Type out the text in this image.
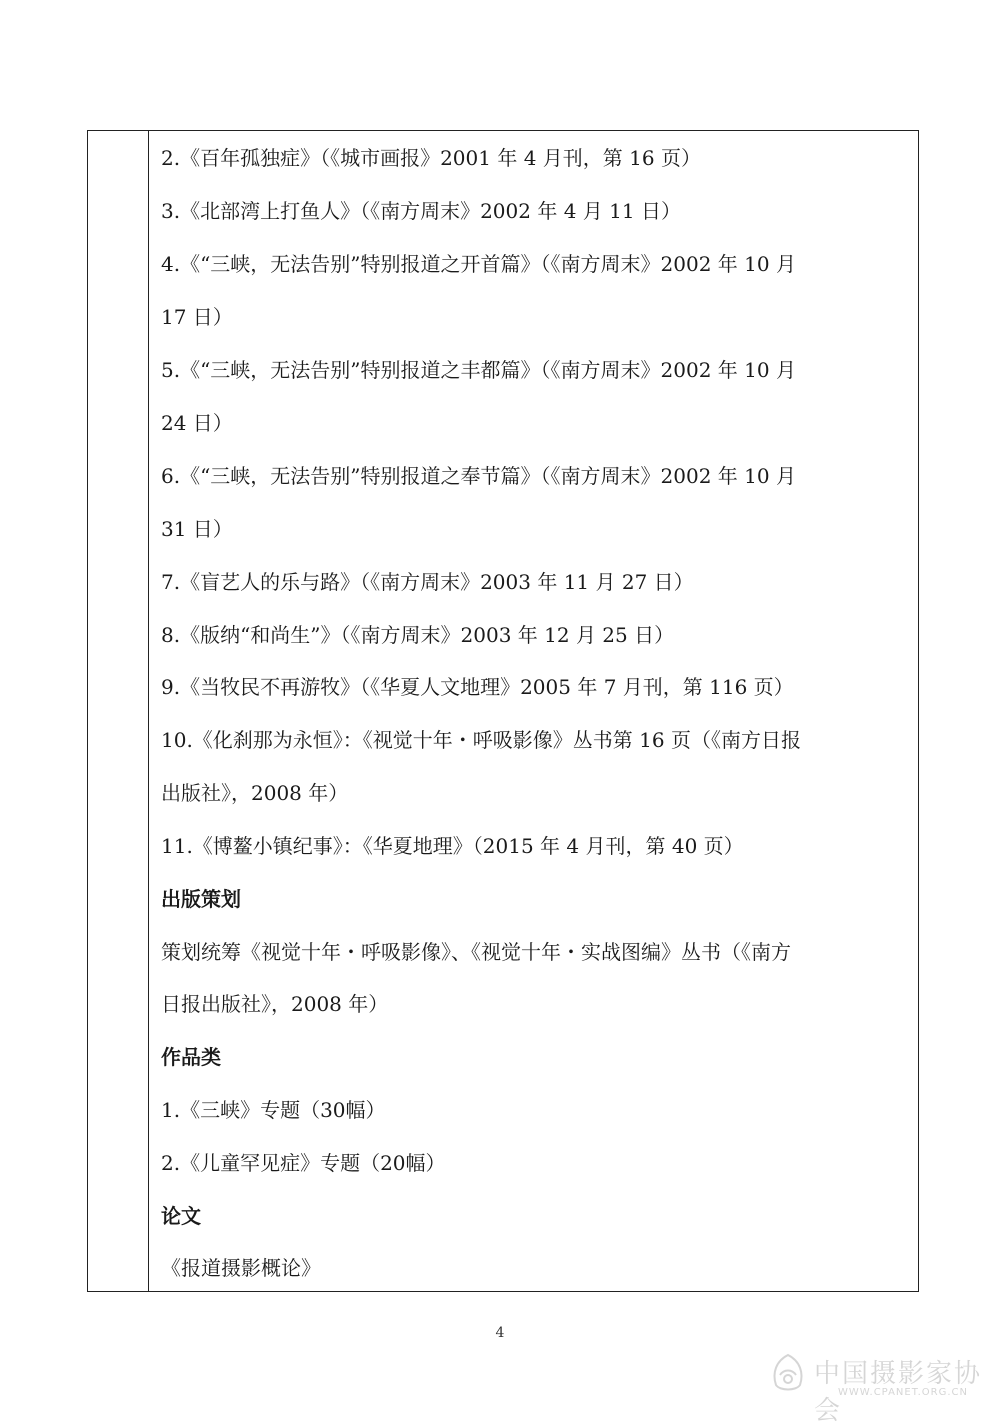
2.《百年孤独症》（《城市画报》2001 年 4 月刊，第 16 页）
3.《北部湾上打鱼人》（《南方周末》2002 年 4 月 11 日）
4.《“三峡，无法告别”特别报道之开首篇》（《南方周末》2002 年 10 月
17 日）
5.《“三峡，无法告别”特别报道之丰都篇》（《南方周末》2002 年 10 月
24 日）
6.《“三峡，无法告别”特别报道之奉节篇》（《南方周末》2002 年 10 月
31 日）
7.《盲艺人的乐与路》（《南方周末》2003 年 11 月 27 日）
8.《版纳“和尚生”》（《南方周末》2003 年 12 月 25 日）
9.《当牧民不再游牧》（《华夏人文地理》2005 年 7 月刊，第 116 页）
10.《化刹那为永恒》：《视觉十年・呼吸影像》丛书第 16 页（《南方日报
出版社》，2008 年）
11.《博鳌小镇纪事》：《华夏地理》（2015 年 4 月刊，第 40 页）
出版策划
策划统筹《视觉十年・呼吸影像》、《视觉十年・实战图编》丛书（《南方
日报出版社》，2008 年）
作品类
1.《三峡》专题（30幅）
2.《儿童罕见症》专题（20幅）
论文
《报道摄影概论》
4
中国摄影家协会
WWW.CPANET.ORG.CN
